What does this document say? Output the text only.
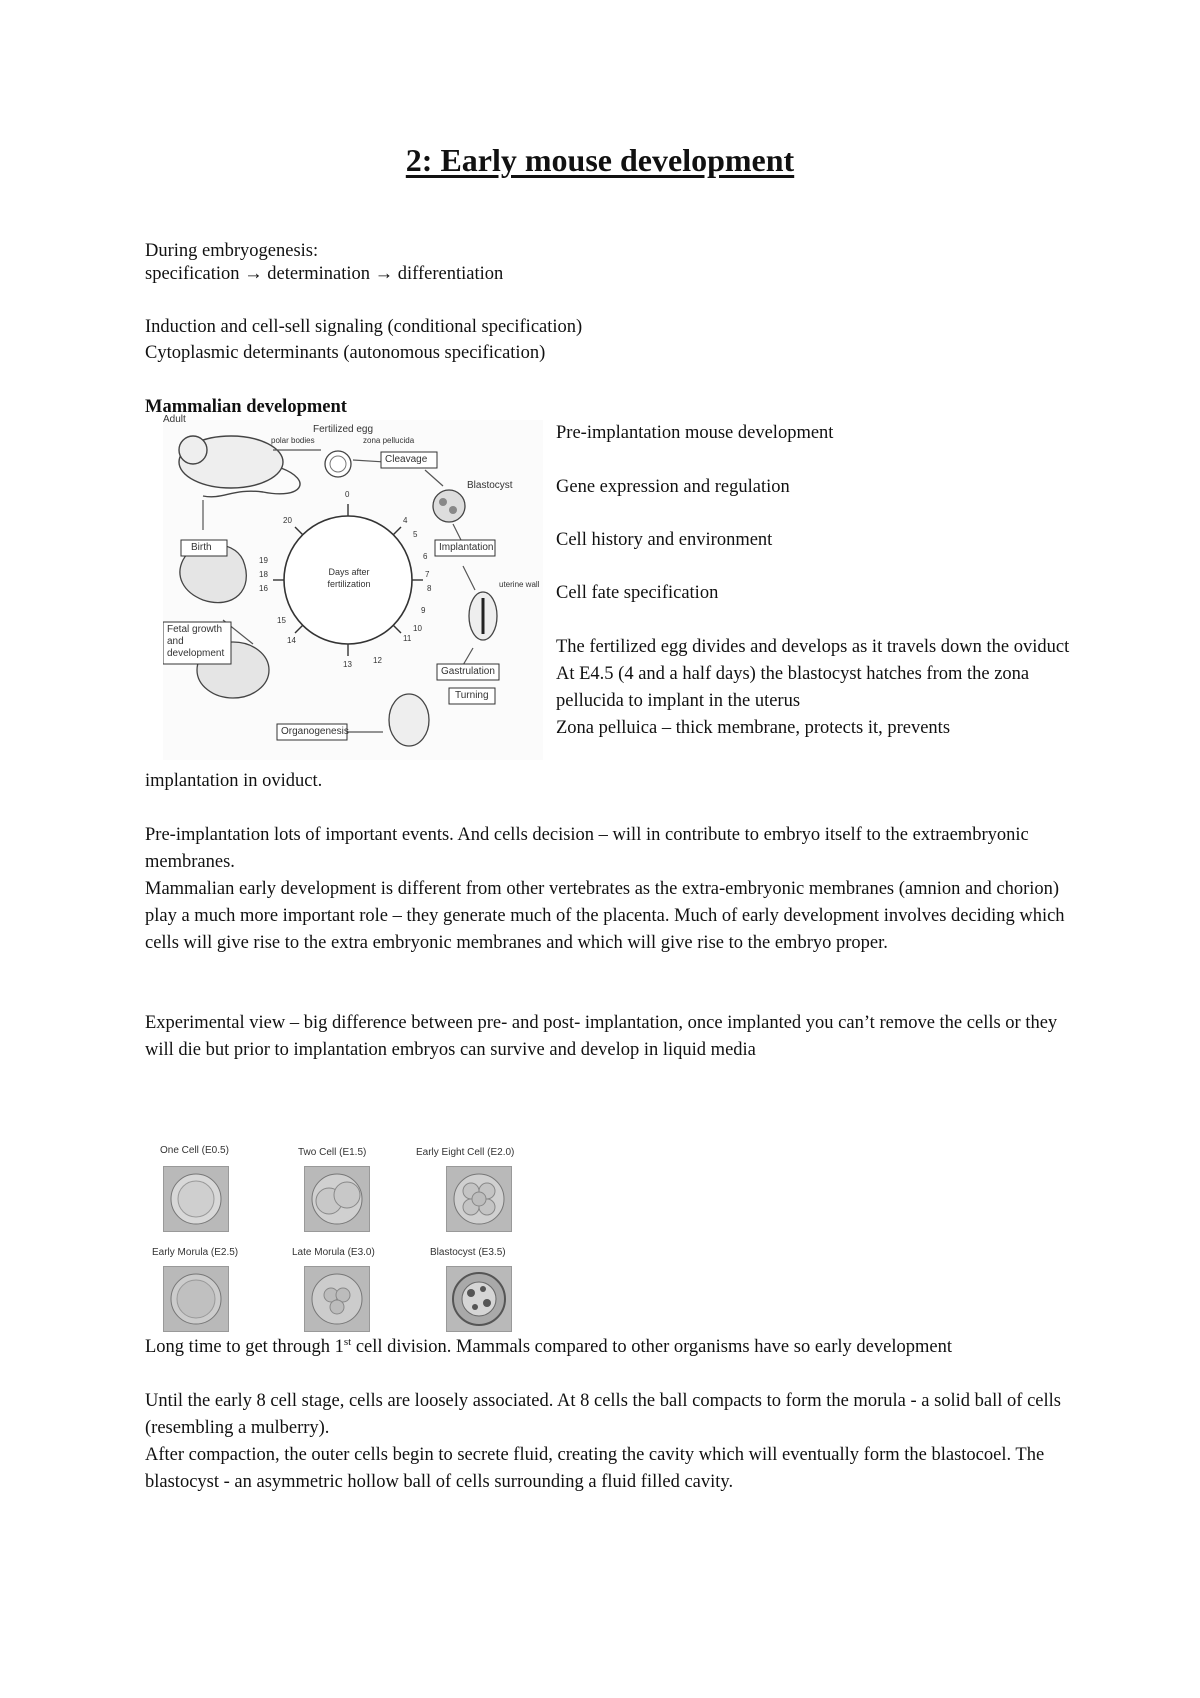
2: Early mouse development
During embryogenesis:
specification → determination → differentiation
Induction and cell-sell signaling (conditional specification)
Cytoplasmic determinants (autonomous specification)
Mammalian development
Adult
Fertilized egg
polar bodies	zona pellucida
Cleavage
Blastocyst
Implantation
uterine wall
Birth
Fetal growth and development
Gastrulation
Turning
Organogenesis
Days after fertilization
0
4
5
6
7
8
9
10
11
12
13
14
15
16
18
19
20
Pre-implantation mouse development
Gene expression and regulation
Cell history and environment
Cell fate specification
The fertilized egg divides and develops as it travels down the oviduct
At E4.5 (4 and a half days) the blastocyst hatches from the zona pellucida to implant in the uterus
Zona pelluica – thick membrane, protects it, prevents
implantation in oviduct.
Pre-implantation lots of important events. And cells decision – will in contribute to embryo itself to the extraembryonic membranes.
Mammalian early development is different from other vertebrates as the extra-embryonic membranes (amnion and chorion) play a much more important role – they generate much of the placenta. Much of early development involves deciding which cells will give rise to the extra embryonic membranes and which will give rise to the embryo proper.
Experimental view – big difference between pre- and post- implantation, once implanted you can’t remove the cells or they will die but prior to implantation embryos can survive and develop in liquid media
One Cell (E0.5)	Two Cell (E1.5)	Early Eight Cell (E2.0)
Early Morula (E2.5)	Late Morula (E3.0)	Blastocyst (E3.5)
Long time to get through 1st cell division. Mammals compared to other organisms have so early development
Until the early 8 cell stage, cells are loosely associated. At 8 cells the ball compacts to form the morula - a solid ball of cells (resembling a mulberry).
After compaction, the outer cells begin to secrete fluid, creating the cavity which will eventually form the blastocoel. The blastocyst - an asymmetric hollow ball of cells surrounding a fluid filled cavity.
